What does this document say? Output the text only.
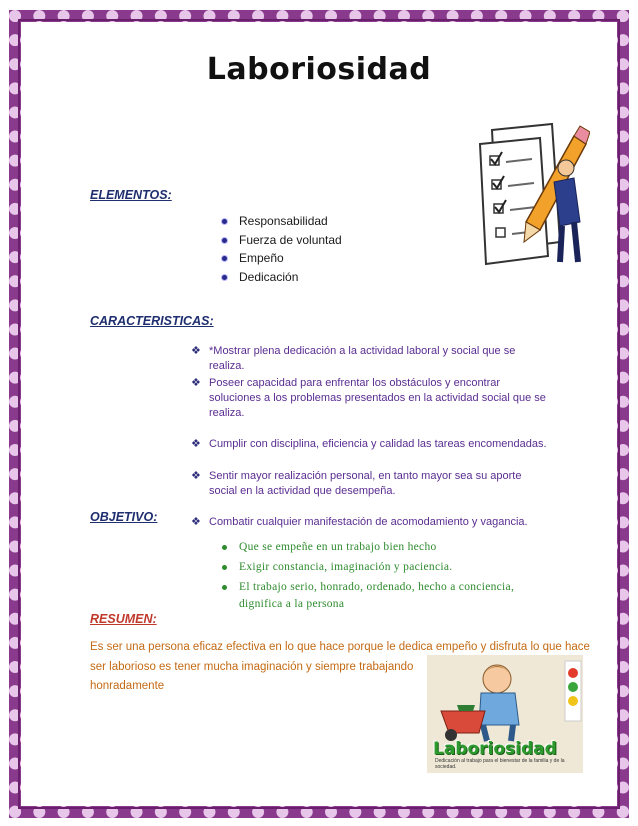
Laboriosidad
ELEMENTOS:
Responsabilidad
Fuerza de voluntad
Empeño
Dedicación
CARACTERISTICAS:
❖ *Mostrar plena dedicación a la actividad laboral y social que se realiza.
❖ Poseer capacidad para enfrentar los obstáculos y encontrar soluciones a los problemas presentados en la actividad social que se realiza.
❖ Cumplir con disciplina, eficiencia y calidad las tareas encomendadas.
❖ Sentir mayor realización personal, en tanto mayor sea su aporte social en la actividad que desempeña.
❖ Combatir cualquier manifestación de acomodamiento y vagancia.
OBJETIVO:
Que se empeñe en un trabajo bien hecho
Exigir constancia, imaginación y paciencia.
El trabajo serio, honrado, ordenado, hecho a conciencia, dignifica a la persona
RESUMEN:
Es ser una persona eficaz efectiva en lo que hace porque le dedica empeño y disfruta lo que hace
ser laborioso es tener mucha imaginación y siempre trabajando
honradamente
Laboriosidad
Dedicación al trabajo para el bienestar de la familia y de la sociedad.
